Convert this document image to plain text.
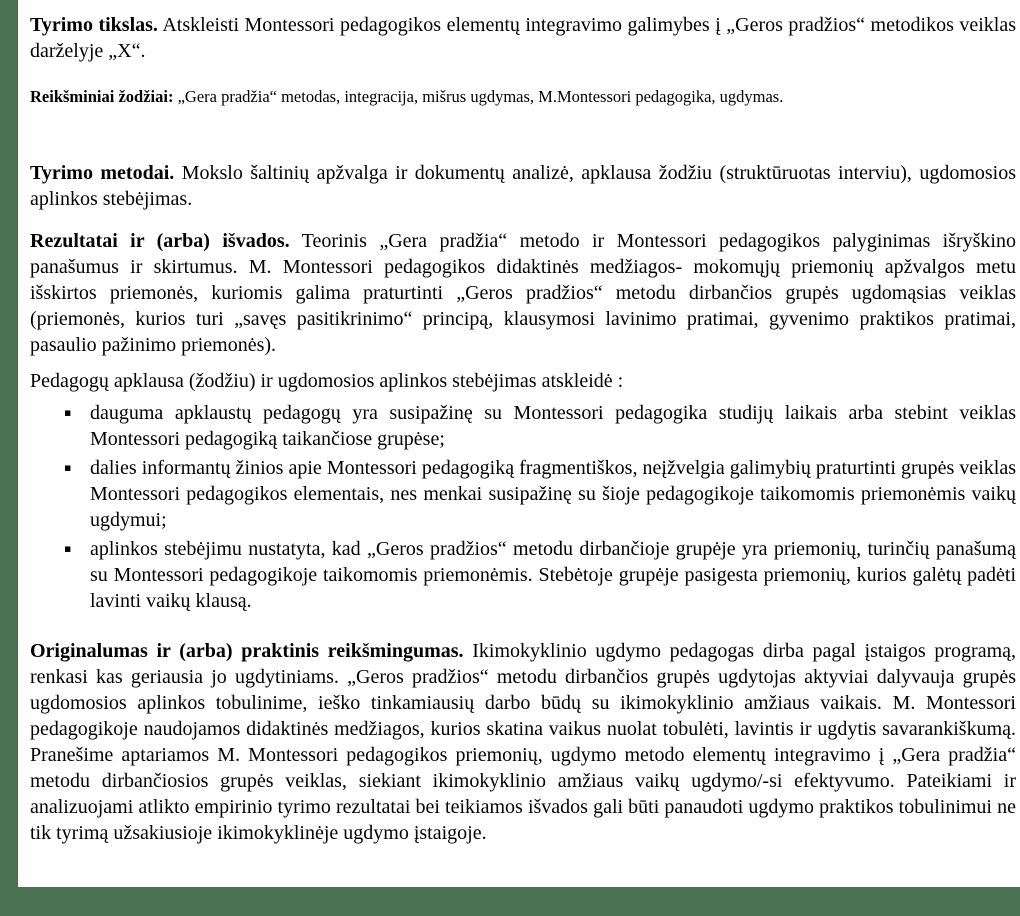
Tyrimo tikslas. Atskleisti Montessori pedagogikos elementų integravimo galimybes į „Geros pradžios“ metodikos veiklas darželyje „X“.

Reikšminiai žodžiai: „Gera pradžia“ metodas, integracija, mišrus ugdymas, M.Montessori pedagogika, ugdymas.

Tyrimo metodai. Mokslo šaltinių apžvalga ir dokumentų analizė, apklausa žodžiu (struktūruotas interviu), ugdomosios aplinkos stebėjimas.

Rezultatai ir (arba) išvados. Teorinis „Gera pradžia“ metodo ir Montessori pedagogikos palyginimas išryškino panašumus ir skirtumus. M. Montessori pedagogikos didaktinės medžiagos- mokomųjų priemonių apžvalgos metu išskirtos priemonės, kuriomis galima praturtinti „Geros pradžios“ metodu dirbančios grupės ugdomąsias veiklas (priemonės, kurios turi „savęs pasitikrinimo“ principą, klausymosi lavinimo pratimai, gyvenimo praktikos pratimai, pasaulio pažinimo priemonės).

Pedagogų apklausa (žodžiu) ir ugdomosios aplinkos stebėjimas atskleidė :

▪ dauguma apklaustų pedagogų yra susipažinę su Montessori pedagogika studijų laikais arba stebint veiklas Montessori pedagogiką taikančiose grupėse;
▪ dalies informantų žinios apie Montessori pedagogiką fragmentiškos, neįžvelgia galimybių praturtinti grupės veiklas Montessori pedagogikos elementais, nes menkai susipažinę su šioje pedagogikoje taikomomis priemonėmis vaikų ugdymui;
▪ aplinkos stebėjimu nustatyta, kad „Geros pradžios“ metodu dirbančioje grupėje yra priemonių, turinčių panašumą su Montessori pedagogikoje taikomomis priemonėmis. Stebėtoje grupėje pasigesta priemonių, kurios galėtų padėti lavinti vaikų klausą.

Originalumas ir (arba) praktinis reikšmingumas. Ikimokyklinio ugdymo pedagogas dirba pagal įstaigos programą, renkasi kas geriausia jo ugdytiniams. „Geros pradžios“ metodu dirbančios grupės ugdytojas aktyviai dalyvauja grupės ugdomosios aplinkos tobulinime, ieško tinkamiausių darbo būdų su ikimokyklinio amžiaus vaikais. M. Montessori pedagogikoje naudojamos didaktinės medžiagos, kurios skatina vaikus nuolat tobulėti, lavintis ir ugdytis savarankiškumą. Pranešime aptariamos M. Montessori pedagogikos priemonių, ugdymo metodo elementų integravimo į „Gera pradžia“ metodu dirbančiosios grupės veiklas, siekiant ikimokyklinio amžiaus vaikų ugdymo/-si efektyvumo. Pateikiami ir analizuojami atlikto empirinio tyrimo rezultatai bei teikiamos išvados gali būti panaudoti ugdymo praktikos tobulinimui ne tik tyrimą užsakiusioje ikimokyklinėje ugdymo įstaigoje.
